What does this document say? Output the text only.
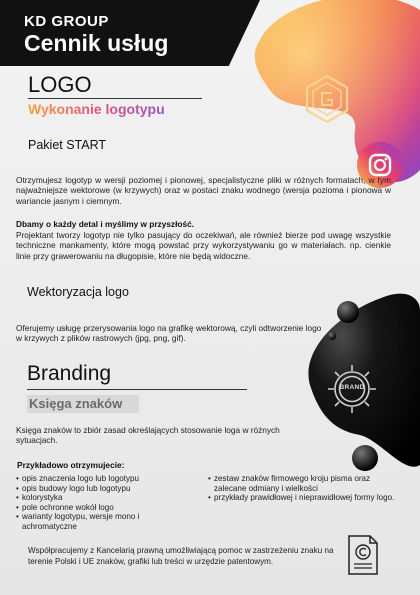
KD GROUP
Cennik usług
LOGO
Wykonanie logotypu
Pakiet START
Otrzymujesz logotyp w wersji poziomej i pionowej, specjalistyczne pliki w różnych formatach, w tym najważniejsze wektorowe (w krzywych) oraz w postaci znaku wodnego (wersja pozioma i pionowa w wariancie jasnym i ciemnym.
Dbamy o każdy detal i myślimy w przyszłość.
Projektant tworzy logotyp nie tylko pasujący do oczekiwań, ale również bierze pod uwagę wszystkie techniczne mankamenty, które mogą powstać przy wykorzystywaniu go w materiałach. np. cienkie linie przy grawerowaniu na długopisie, które nie będą widoczne.
Wektoryzacja logo
Oferujemy usługę przerysowania logo na grafikę wektorową, czyli odtworzenie logo w krzywych z plików rastrowych (jpg, png, gif).
BRAND
Branding
Księga znaków
Księga znaków to zbiór zasad określających stosowanie loga w różnych sytuacjach.
Przykładowo otrzymujecie:
• opis znaczenia logo lub logotypu
• opis budowy logo lub logotypu
• kolorystyka
• pole ochronne wokół logo
• warianty logotypu, wersje mono i achromatyczne
• zestaw znaków firmowego kroju pisma oraz zalecane odmiany i wielkości
• przykłady prawidłowej i nieprawidłowej formy logo.
Współpracujemy z Kancelarią prawną umożliwiającą pomoc w zastrzeżeniu znaku na terenie Polski i UE znaków, grafiki lub treści w urzędzie patentowym.
